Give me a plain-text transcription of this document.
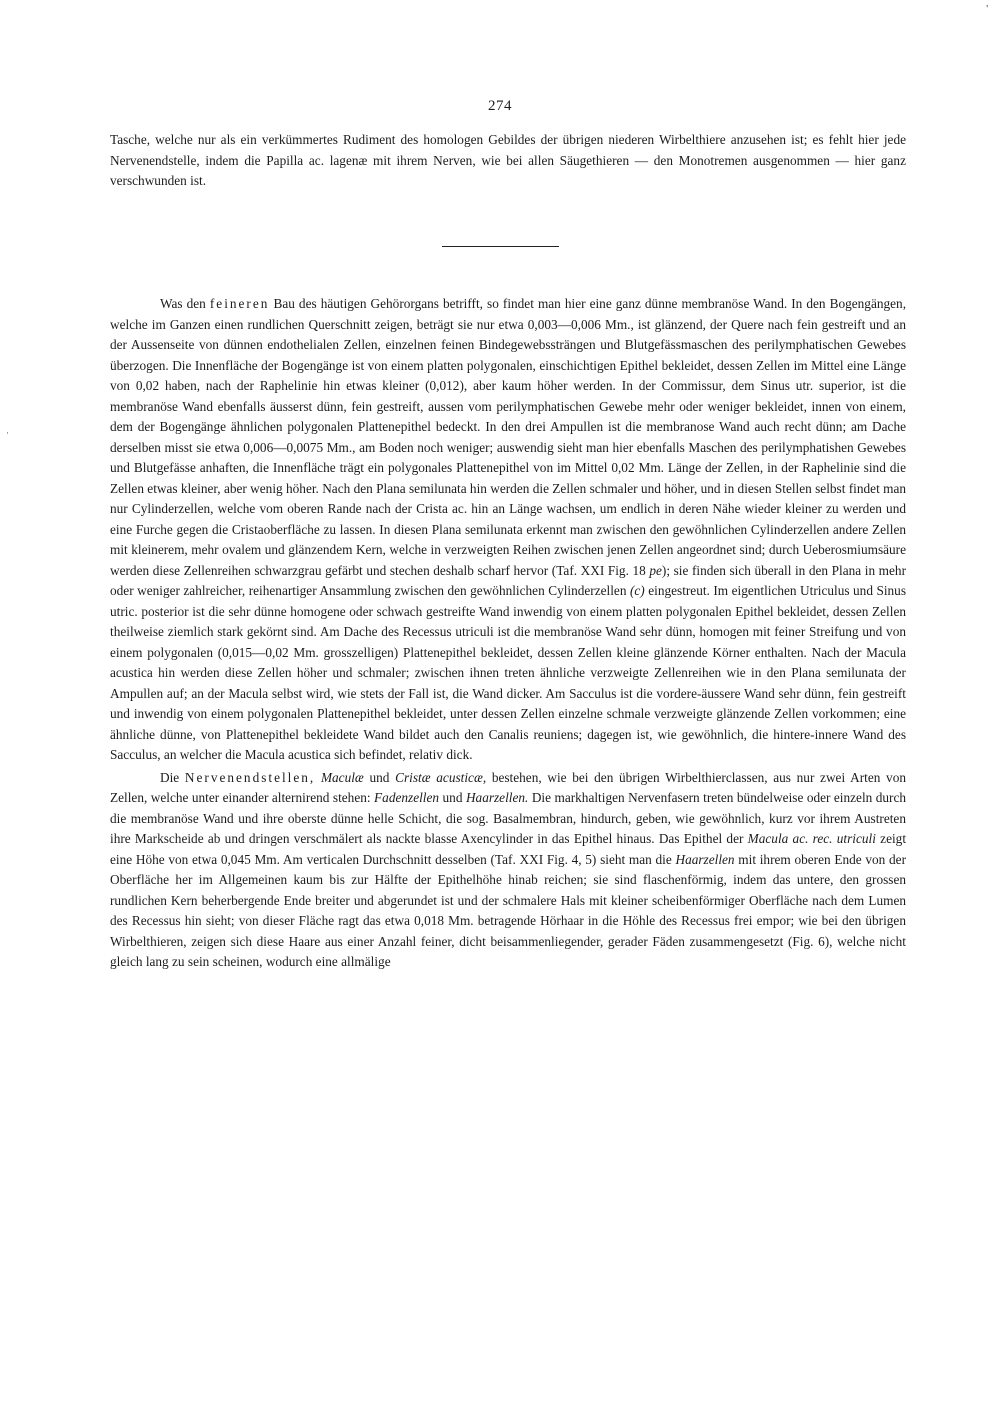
'
·
274

Tasche, welche nur als ein verkümmertes Rudiment des homologen Gebildes der übrigen niederen Wirbelthiere anzusehen ist; es fehlt hier jede Nervenendstelle, indem die Papilla ac. lagenæ mit ihrem Nerven, wie bei allen Säugethieren — den Monotremen ausgenommen — hier ganz verschwunden ist.

Was den feineren Bau des häutigen Gehörorgans betrifft, so findet man hier eine ganz dünne membranöse Wand. In den Bogengängen, welche im Ganzen einen rundlichen Querschnitt zeigen, beträgt sie nur etwa 0,003—0,006 Mm., ist glänzend, der Quere nach fein gestreift und an der Aussenseite von dünnen endothelialen Zellen, einzelnen feinen Bindegewebssträngen und Blutgefässmaschen des perilymphatischen Gewebes überzogen. Die Innenfläche der Bogengänge ist von einem platten polygonalen, einschichtigen Epithel bekleidet, dessen Zellen im Mittel eine Länge von 0,02 haben, nach der Raphelinie hin etwas kleiner (0,012), aber kaum höher werden. In der Commissur, dem Sinus utr. superior, ist die membranöse Wand ebenfalls äusserst dünn, fein gestreift, aussen vom perilymphatischen Gewebe mehr oder weniger bekleidet, innen von einem, dem der Bogengänge ähnlichen polygonalen Plattenepithel bedeckt. In den drei Ampullen ist die membranose Wand auch recht dünn; am Dache derselben misst sie etwa 0,006—0,0075 Mm., am Boden noch weniger; auswendig sieht man hier ebenfalls Maschen des perilymphatishen Gewebes und Blutgefässe anhaften, die Innenfläche trägt ein polygonales Plattenepithel von im Mittel 0,02 Mm. Länge der Zellen, in der Raphelinie sind die Zellen etwas kleiner, aber wenig höher. Nach den Plana semilunata hin werden die Zellen schmaler und höher, und in diesen Stellen selbst findet man nur Cylinderzellen, welche vom oberen Rande nach der Crista ac. hin an Länge wachsen, um endlich in deren Nähe wieder kleiner zu werden und eine Furche gegen die Cristaoberfläche zu lassen. In diesen Plana semilunata erkennt man zwischen den gewöhnlichen Cylinderzellen andere Zellen mit kleinerem, mehr ovalem und glänzendem Kern, welche in verzweigten Reihen zwischen jenen Zellen angeordnet sind; durch Ueberosmiumsäure werden diese Zellenreihen schwarzgrau gefärbt und stechen deshalb scharf hervor (Taf. XXI Fig. 18 pe); sie finden sich überall in den Plana in mehr oder weniger zahlreicher, reihenartiger Ansammlung zwischen den gewöhnlichen Cylinderzellen (c) eingestreut. Im eigentlichen Utriculus und Sinus utric. posterior ist die sehr dünne homogene oder schwach gestreifte Wand inwendig von einem platten polygonalen Epithel bekleidet, dessen Zellen theilweise ziemlich stark gekörnt sind. Am Dache des Recessus utriculi ist die membranöse Wand sehr dünn, homogen mit feiner Streifung und von einem polygonalen (0,015—0,02 Mm. grosszelligen) Plattenepithel bekleidet, dessen Zellen kleine glänzende Körner enthalten. Nach der Macula acustica hin werden diese Zellen höher und schmaler; zwischen ihnen treten ähnliche verzweigte Zellenreihen wie in den Plana semilunata der Ampullen auf; an der Macula selbst wird, wie stets der Fall ist, die Wand dicker. Am Sacculus ist die vordere-äussere Wand sehr dünn, fein gestreift und inwendig von einem polygonalen Plattenepithel bekleidet, unter dessen Zellen einzelne schmale verzweigte glänzende Zellen vorkommen; eine ähnliche dünne, von Plattenepithel bekleidete Wand bildet auch den Canalis reuniens; dagegen ist, wie gewöhnlich, die hintere-innere Wand des Sacculus, an welcher die Macula acustica sich befindet, relativ dick.

Die Nervenendstellen, Maculæ und Cristæ acusticæ, bestehen, wie bei den übrigen Wirbelthierclassen, aus nur zwei Arten von Zellen, welche unter einander alternirend stehen: Fadenzellen und Haarzellen. Die markhaltigen Nervenfasern treten bündelweise oder einzeln durch die membranöse Wand und ihre oberste dünne helle Schicht, die sog. Basalmembran, hindurch, geben, wie gewöhnlich, kurz vor ihrem Austreten ihre Markscheide ab und dringen verschmälert als nackte blasse Axencylinder in das Epithel hinaus. Das Epithel der Macula ac. rec. utriculi zeigt eine Höhe von etwa 0,045 Mm. Am verticalen Durchschnitt desselben (Taf. XXI Fig. 4, 5) sieht man die Haarzellen mit ihrem oberen Ende von der Oberfläche her im Allgemeinen kaum bis zur Hälfte der Epithelhöhe hinab reichen; sie sind flaschenförmig, indem das untere, den grossen rundlichen Kern beherbergende Ende breiter und abgerundet ist und der schmalere Hals mit kleiner scheibenförmiger Oberfläche nach dem Lumen des Recessus hin sieht; von dieser Fläche ragt das etwa 0,018 Mm. betragende Hörhaar in die Höhle des Recessus frei empor; wie bei den übrigen Wirbelthieren, zeigen sich diese Haare aus einer Anzahl feiner, dicht beisammenliegender, gerader Fäden zusammengesetzt (Fig. 6), welche nicht gleich lang zu sein scheinen, wodurch eine allmälige
